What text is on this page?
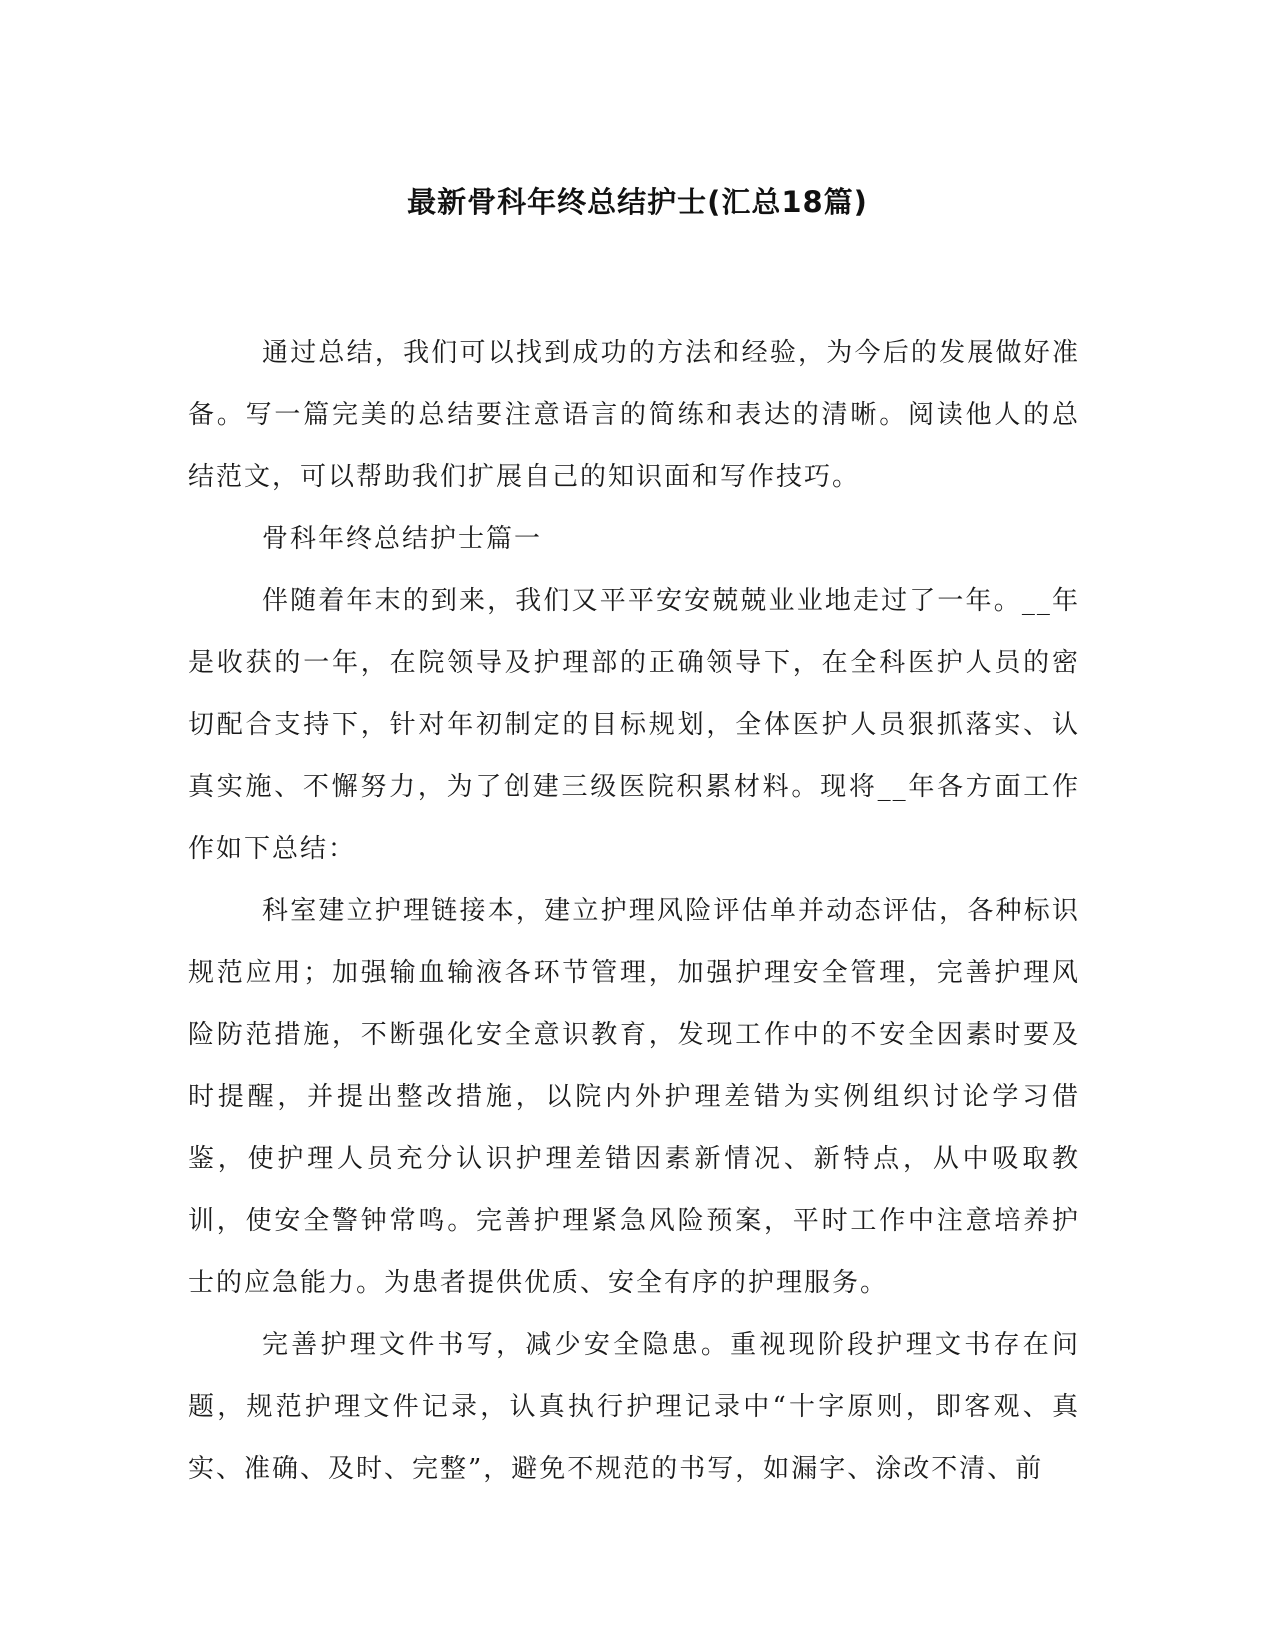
最新骨科年终总结护士(汇总18篇)

通过总结，我们可以找到成功的方法和经验，为今后的发展做好准备。写一篇完美的总结要注意语言的简练和表达的清晰。阅读他人的总结范文，可以帮助我们扩展自己的知识面和写作技巧。

骨科年终总结护士篇一

伴随着年末的到来，我们又平平安安兢兢业业地走过了一年。__年是收获的一年，在院领导及护理部的正确领导下，在全科医护人员的密切配合支持下，针对年初制定的目标规划，全体医护人员狠抓落实、认真实施、不懈努力，为了创建三级医院积累材料。现将__年各方面工作作如下总结：

科室建立护理链接本，建立护理风险评估单并动态评估，各种标识规范应用；加强输血输液各环节管理，加强护理安全管理，完善护理风险防范措施，不断强化安全意识教育，发现工作中的不安全因素时要及时提醒，并提出整改措施，以院内外护理差错为实例组织讨论学习借鉴，使护理人员充分认识护理差错因素新情况、新特点，从中吸取教训，使安全警钟常鸣。完善护理紧急风险预案，平时工作中注意培养护士的应急能力。为患者提供优质、安全有序的护理服务。

完善护理文件书写，减少安全隐患。重视现阶段护理文书存在问题，规范护理文件记录，认真执行护理记录中“十字原则，即客观、真实、准确、及时、完整”，避免不规范的书写，如漏字、涂改不清、前
